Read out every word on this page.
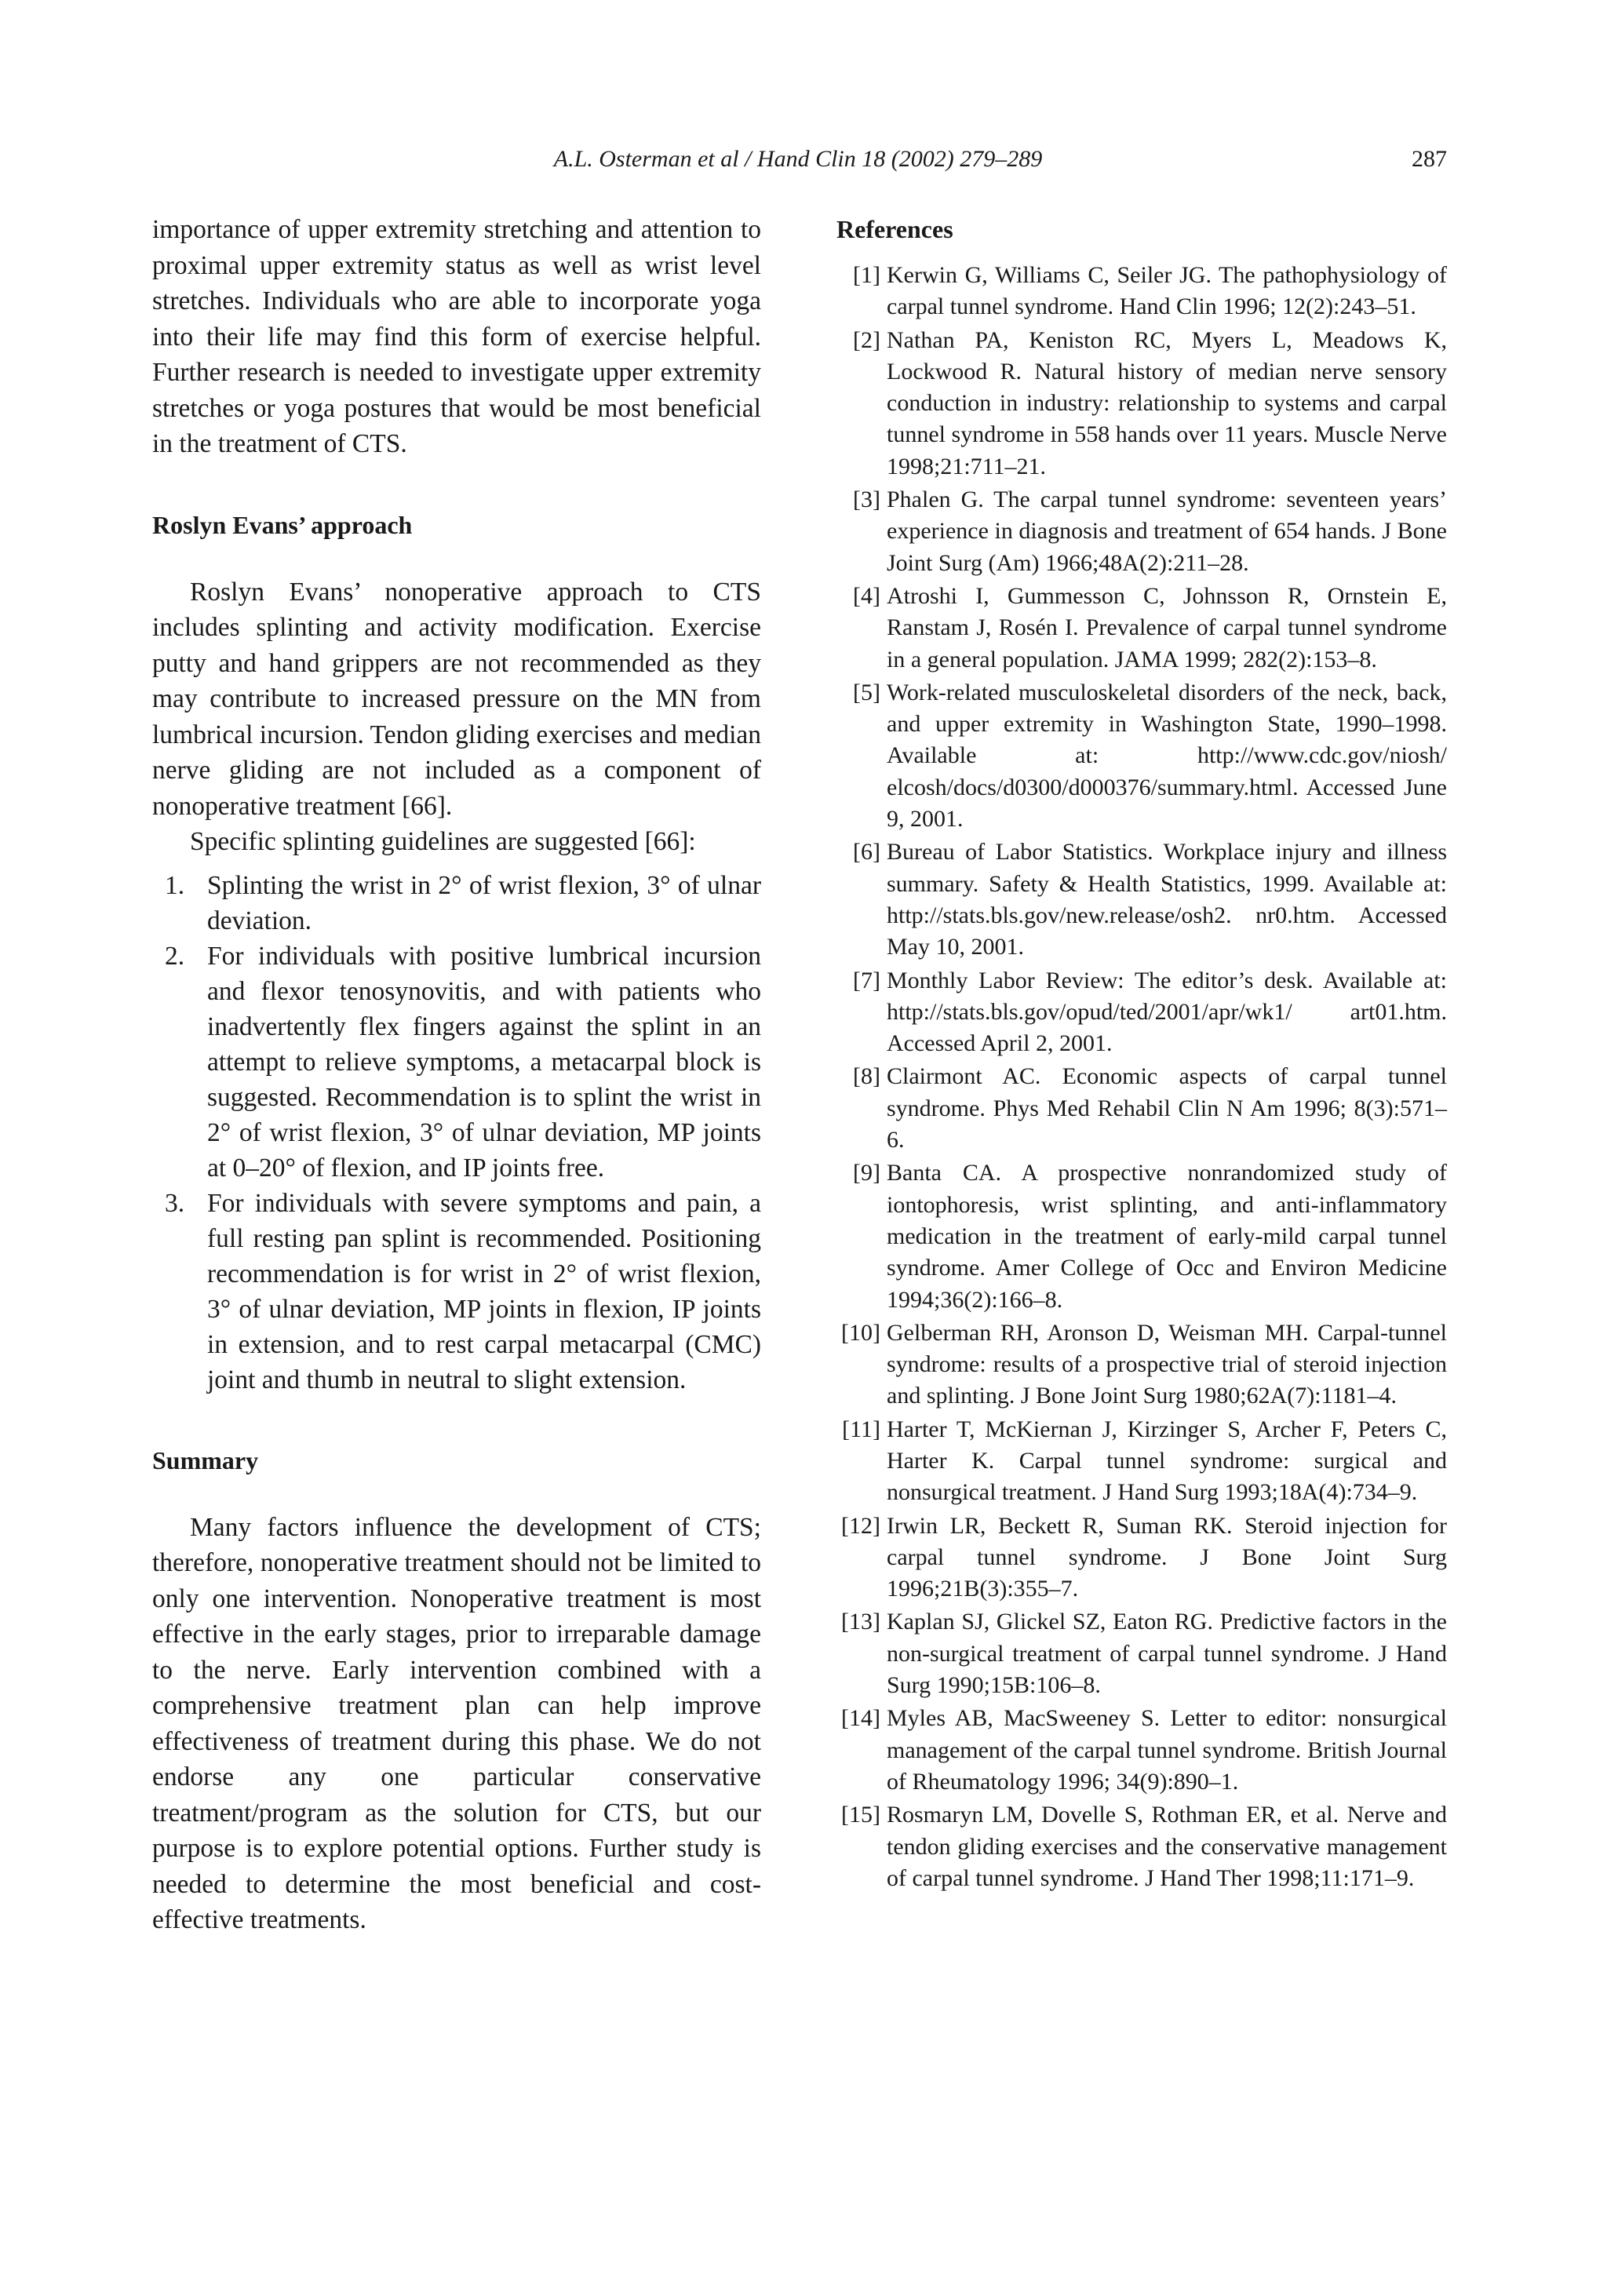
A.L. Osterman et al / Hand Clin 18 (2002) 279–289	287

importance of upper extremity stretching and attention to proximal upper extremity status as well as wrist level stretches. Individuals who are able to incorporate yoga into their life may find this form of exercise helpful. Further research is needed to investigate upper extremity stretches or yoga postures that would be most beneficial in the treatment of CTS.

Roslyn Evans’ approach

Roslyn Evans’ nonoperative approach to CTS includes splinting and activity modification. Exercise putty and hand grippers are not recommended as they may contribute to increased pressure on the MN from lumbrical incursion. Tendon gliding exercises and median nerve gliding are not included as a component of nonoperative treatment [66].

Specific splinting guidelines are suggested [66]:

1. Splinting the wrist in 2° of wrist flexion, 3° of ulnar deviation.
2. For individuals with positive lumbrical incursion and flexor tenosynovitis, and with patients who inadvertently flex fingers against the splint in an attempt to relieve symptoms, a metacarpal block is suggested. Recommendation is to splint the wrist in 2° of wrist flexion, 3° of ulnar deviation, MP joints at 0–20° of flexion, and IP joints free.
3. For individuals with severe symptoms and pain, a full resting pan splint is recommended. Positioning recommendation is for wrist in 2° of wrist flexion, 3° of ulnar deviation, MP joints in flexion, IP joints in extension, and to rest carpal metacarpal (CMC) joint and thumb in neutral to slight extension.
Summary

Many factors influence the development of CTS; therefore, nonoperative treatment should not be limited to only one intervention. Nonoperative treatment is most effective in the early stages, prior to irreparable damage to the nerve. Early intervention combined with a comprehensive treatment plan can help improve effectiveness of treatment during this phase. We do not endorse any one particular conservative treatment/program as the solution for CTS, but our purpose is to explore potential options. Further study is needed to determine the most beneficial and cost-effective treatments.

References
[1] Kerwin G, Williams C, Seiler JG. The pathophysiology of carpal tunnel syndrome. Hand Clin 1996; 12(2):243–51.
[2] Nathan PA, Keniston RC, Myers L, Meadows K, Lockwood R. Natural history of median nerve sensory conduction in industry: relationship to systems and carpal tunnel syndrome in 558 hands over 11 years. Muscle Nerve 1998;21:711–21.
[3] Phalen G. The carpal tunnel syndrome: seventeen years’ experience in diagnosis and treatment of 654 hands. J Bone Joint Surg (Am) 1966;48A(2):211–28.
[4] Atroshi I, Gummesson C, Johnsson R, Ornstein E, Ranstam J, Rosén I. Prevalence of carpal tunnel syndrome in a general population. JAMA 1999; 282(2):153–8.
[5] Work-related musculoskeletal disorders of the neck, back, and upper extremity in Washington State, 1990–1998. Available at: http://www.cdc.gov/niosh/ elcosh/docs/d0300/d000376/summary.html. Accessed June 9, 2001.
[6] Bureau of Labor Statistics. Workplace injury and illness summary. Safety & Health Statistics, 1999. Available at: http://stats.bls.gov/new.release/osh2. nr0.htm. Accessed May 10, 2001.
[7] Monthly Labor Review: The editor’s desk. Available at: http://stats.bls.gov/opud/ted/2001/apr/wk1/ art01.htm. Accessed April 2, 2001.
[8] Clairmont AC. Economic aspects of carpal tunnel syndrome. Phys Med Rehabil Clin N Am 1996; 8(3):571–6.
[9] Banta CA. A prospective nonrandomized study of iontophoresis, wrist splinting, and anti-inflammatory medication in the treatment of early-mild carpal tunnel syndrome. Amer College of Occ and Environ Medicine 1994;36(2):166–8.
[10] Gelberman RH, Aronson D, Weisman MH. Carpal-tunnel syndrome: results of a prospective trial of steroid injection and splinting. J Bone Joint Surg 1980;62A(7):1181–4.
[11] Harter T, McKiernan J, Kirzinger S, Archer F, Peters C, Harter K. Carpal tunnel syndrome: surgical and nonsurgical treatment. J Hand Surg 1993;18A(4):734–9.
[12] Irwin LR, Beckett R, Suman RK. Steroid injection for carpal tunnel syndrome. J Bone Joint Surg 1996;21B(3):355–7.
[13] Kaplan SJ, Glickel SZ, Eaton RG. Predictive factors in the non-surgical treatment of carpal tunnel syndrome. J Hand Surg 1990;15B:106–8.
[14] Myles AB, MacSweeney S. Letter to editor: nonsurgical management of the carpal tunnel syndrome. British Journal of Rheumatology 1996; 34(9):890–1.
[15] Rosmaryn LM, Dovelle S, Rothman ER, et al. Nerve and tendon gliding exercises and the conservative management of carpal tunnel syndrome. J Hand Ther 1998;11:171–9.
